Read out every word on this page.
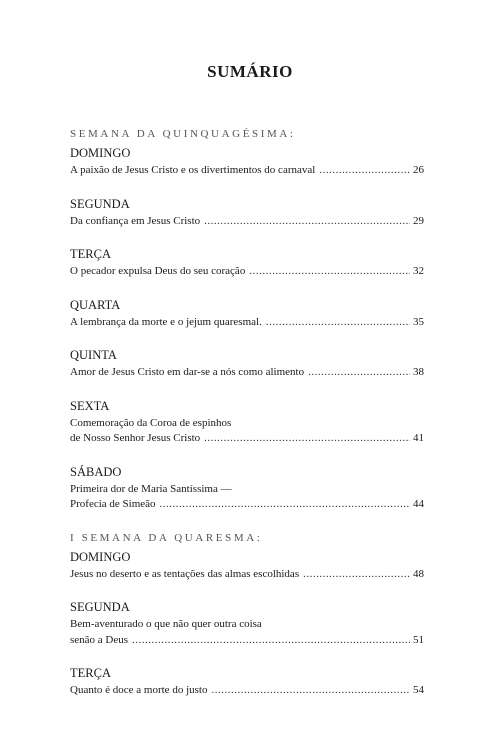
SUMÁRIO
SEMANA DA QUINQUAGÉSIMA:
DOMINGO
A paixão de Jesus Cristo e os divertimentos do carnaval .....	26
SEGUNDA
Da confiança em Jesus Cristo .....	29
TERÇA
O pecador expulsa Deus do seu coração .....	32
QUARTA
A lembrança da morte e o jejum quaresmal. .....	35
QUINTA
Amor de Jesus Cristo em dar-se a nós como alimento .....	38
SEXTA
Comemoração da Coroa de espinhos
de Nosso Senhor Jesus Cristo .....	41
SÁBADO
Primeira dor de Maria Santíssima —
Profecia de Simeão .....	44
I SEMANA DA QUARESMA:
DOMINGO
Jesus no deserto e as tentações das almas escolhidas .....	48
SEGUNDA
Bem-aventurado o que não quer outra coisa
senão a Deus .....	51
TERÇA
Quanto é doce a morte do justo .....	54
